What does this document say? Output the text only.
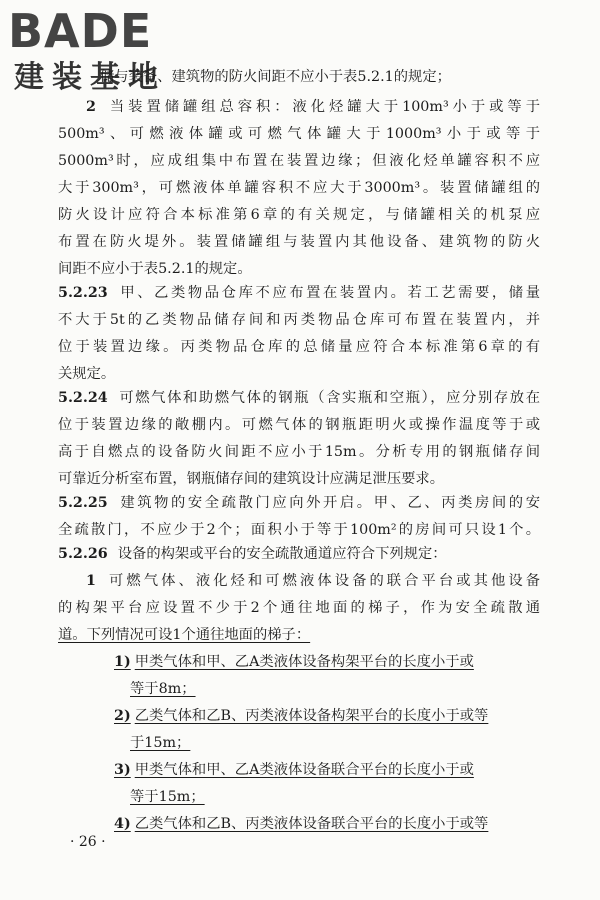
BADE
建装基地
储与装备、建筑物的防火间距不应小于表5.2.1的规定；
2 当装置储罐组总容积：液化烃罐大于100m³小于或等于
500m³、可燃液体罐或可燃气体罐大于1000m³小于或等于
5000m³时，应成组集中布置在装置边缘；但液化烃单罐容积不应
大于300m³，可燃液体单罐容积不应大于3000m³。装置储罐组的
防火设计应符合本标准第6章的有关规定，与储罐相关的机泵应
布置在防火堤外。装置储罐组与装置内其他设备、建筑物的防火
间距不应小于表5.2.1的规定。
5.2.23 甲、乙类物品仓库不应布置在装置内。若工艺需要，储量
不大于5t的乙类物品储存间和丙类物品仓库可布置在装置内，并
位于装置边缘。丙类物品仓库的总储量应符合本标准第6章的有
关规定。
5.2.24 可燃气体和助燃气体的钢瓶（含实瓶和空瓶），应分别存放在
位于装置边缘的敞棚内。可燃气体的钢瓶距明火或操作温度等于或
高于自燃点的设备防火间距不应小于15m。分析专用的钢瓶储存间
可靠近分析室布置，钢瓶储存间的建筑设计应满足泄压要求。
5.2.25 建筑物的安全疏散门应向外开启。甲、乙、丙类房间的安
全疏散门，不应少于2个；面积小于等于100m²的房间可只设1个。
5.2.26 设备的构架或平台的安全疏散通道应符合下列规定：
1 可燃气体、液化烃和可燃液体设备的联合平台或其他设备
的构架平台应设置不少于2个通往地面的梯子，作为安全疏散通
道。下列情况可设1个通往地面的梯子：
1) 甲类气体和甲、乙A类液体设备构架平台的长度小于或
等于8m；
2) 乙类气体和乙B、丙类液体设备构架平台的长度小于或等
于15m；
3) 甲类气体和甲、乙A类液体设备联合平台的长度小于或
等于15m；
4) 乙类气体和乙B、丙类液体设备联合平台的长度小于或等
· 26 ·
